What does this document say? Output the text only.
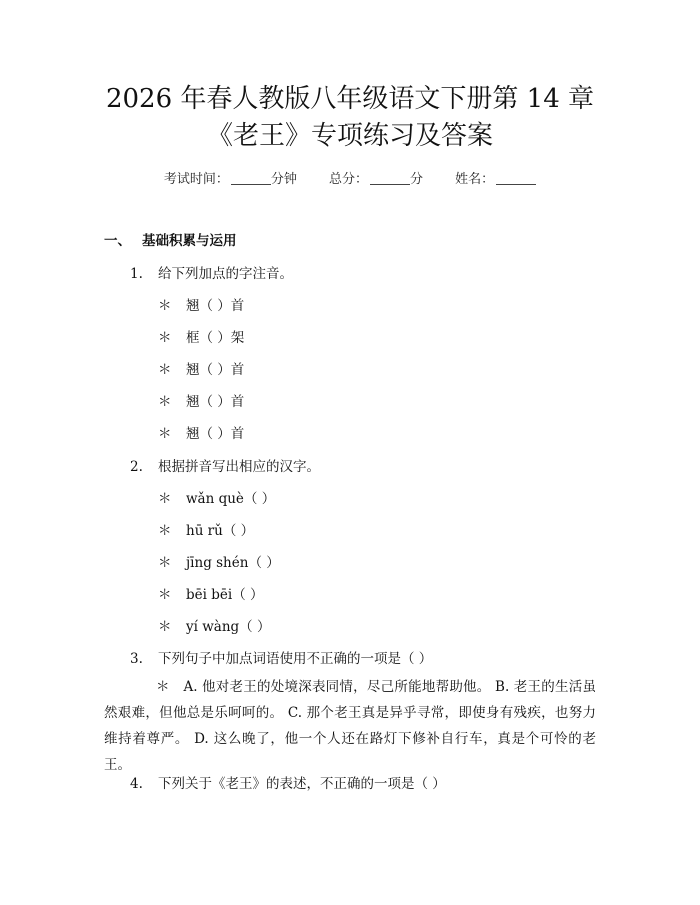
2026 年春人教版八年级语文下册第 14 章
《老王》专项练习及答案
考试时间：	分钟 总分：	分 姓名：
一、 基础积累与运用
1. 给下列加点的字注音。
＊ 翘（ ）首
＊ 框（ ）架
＊ 翘（ ）首
＊ 翘（ ）首
＊ 翘（ ）首
2. 根据拼音写出相应的汉字。
＊ wǎn què（ ）
＊ hū rǔ（ ）
＊ jīng shén（ ）
＊ bēi bēi（ ）
＊ yí wàng（ ）
3. 下列句子中加点词语使用不正确的一项是（ ）
＊　A. 他对老王的处境深表同情，尽己所能地帮助他。 B. 老王的生活虽然艰难，但他总是乐呵呵的。 C. 那个老王真是异乎寻常，即使身有残疾，也努力维持着尊严。 D. 这么晚了，他一个人还在路灯下修补自行车，真是个可怜的老王。
4. 下列关于《老王》的表述，不正确的一项是（ ）
